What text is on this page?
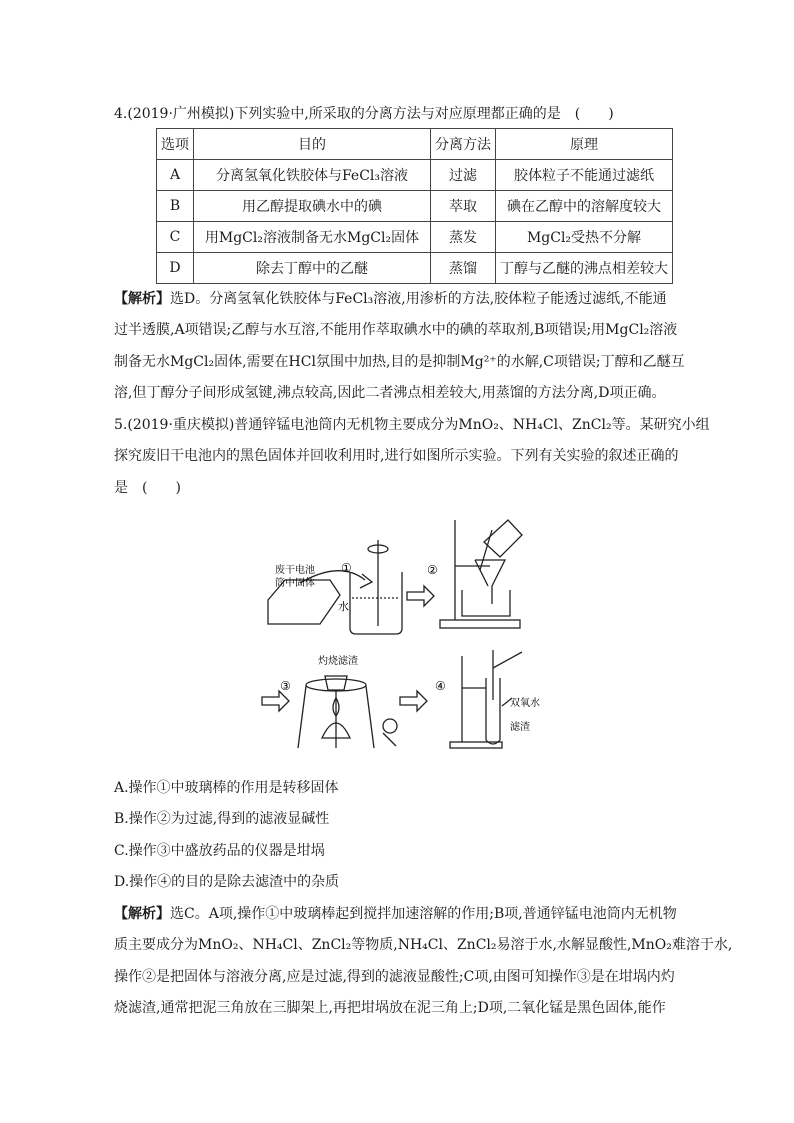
4.(2019·广州模拟)下列实验中,所采取的分离方法与对应原理都正确的是　(　　)
选项	目的	分离方法	原理
A	分离氢氧化铁胶体与FeCl₃溶液	过滤	胶体粒子不能通过滤纸
B	用乙醇提取碘水中的碘	萃取	碘在乙醇中的溶解度较大
C	用MgCl₂溶液制备无水MgCl₂固体	蒸发	MgCl₂受热不分解
D	除去丁醇中的乙醚	蒸馏	丁醇与乙醚的沸点相差较大
【解析】选D。分离氢氧化铁胶体与FeCl₃溶液,用渗析的方法,胶体粒子能透过滤纸,不能通
过半透膜,A项错误;乙醇与水互溶,不能用作萃取碘水中的碘的萃取剂,B项错误;用MgCl₂溶液
制备无水MgCl₂固体,需要在HCl氛围中加热,目的是抑制Mg²⁺的水解,C项错误;丁醇和乙醚互
溶,但丁醇分子间形成氢键,沸点较高,因此二者沸点相差较大,用蒸馏的方法分离,D项正确。
5.(2019·重庆模拟)普通锌锰电池筒内无机物主要成分为MnO₂、NH₄Cl、ZnCl₂等。某研究小组
探究废旧干电池内的黑色固体并回收利用时,进行如图所示实验。下列有关实验的叙述正确的
是　(　　)
废干电池
筒中固体
水
①	②
③
灼烧滤渣
④
双氧水
滤渣
A.操作①中玻璃棒的作用是转移固体
B.操作②为过滤,得到的滤液显碱性
C.操作③中盛放药品的仪器是坩埚
D.操作④的目的是除去滤渣中的杂质
【解析】选C。A项,操作①中玻璃棒起到搅拌加速溶解的作用;B项,普通锌锰电池筒内无机物
质主要成分为MnO₂、NH₄Cl、ZnCl₂等物质,NH₄Cl、ZnCl₂易溶于水,水解显酸性,MnO₂难溶于水,
操作②是把固体与溶液分离,应是过滤,得到的滤液显酸性;C项,由图可知操作③是在坩埚内灼
烧滤渣,通常把泥三角放在三脚架上,再把坩埚放在泥三角上;D项,二氧化锰是黑色固体,能作
